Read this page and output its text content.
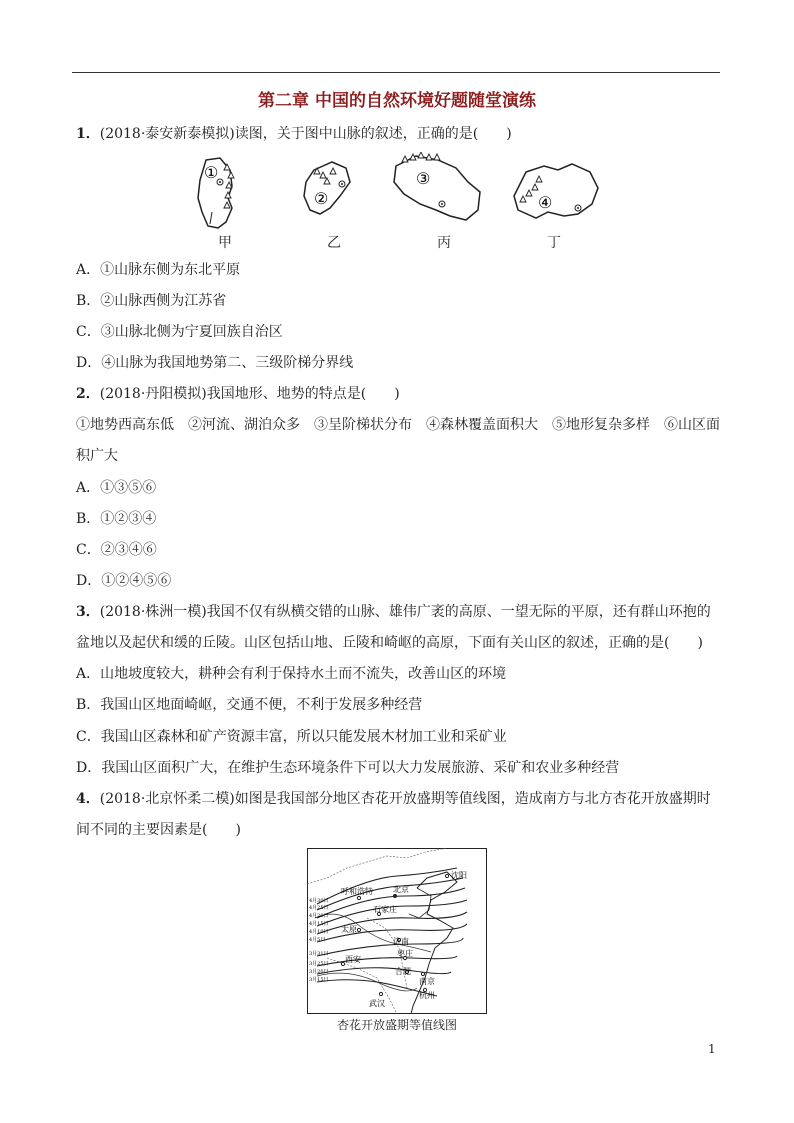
第二章 中国的自然环境好题随堂演练
1．(2018·泰安新泰模拟)读图，关于图中山脉的叙述，正确的是(　　)
①
②
③
④
甲	乙	丙	丁
A．①山脉东侧为东北平原
B．②山脉西侧为江苏省
C．③山脉北侧为宁夏回族自治区
D．④山脉为我国地势第二、三级阶梯分界线
2．(2018·丹阳模拟)我国地形、地势的特点是(　　)
①地势西高东低　②河流、湖泊众多　③呈阶梯状分布　④森林覆盖面积大　⑤地形复杂多样　⑥山区面
积广大
A．①③⑤⑥
B．①②③④
C．②③④⑥
D．①②④⑤⑥
3．(2018·株洲一模)我国不仅有纵横交错的山脉、雄伟广袤的高原、一望无际的平原，还有群山环抱的
盆地以及起伏和缓的丘陵。山区包括山地、丘陵和崎岖的高原，下面有关山区的叙述，正确的是(　　)
A．山地坡度较大，耕种会有利于保持水土而不流失，改善山区的环境
B．我国山区地面崎岖，交通不便，不利于发展多种经营
C．我国山区森林和矿产资源丰富，所以只能发展木材加工业和采矿业
D．我国山区面积广大，在维护生态环境条件下可以大力发展旅游、采矿和农业多种经营
4．(2018·北京怀柔二模)如图是我国部分地区杏花开放盛期等值线图，造成南方与北方杏花开放盛期时
间不同的主要因素是(　　)
4月30日
4月25日
4月20日
4月15日
4月10日
4月5日
3月31日
3月25日
3月20日
3月15日
呼和浩特	北京
沈阳
石家庄
太原
济南
枣庄
西安
合肥
南京
杭州
武汉
杏花开放盛期等值线图
1
